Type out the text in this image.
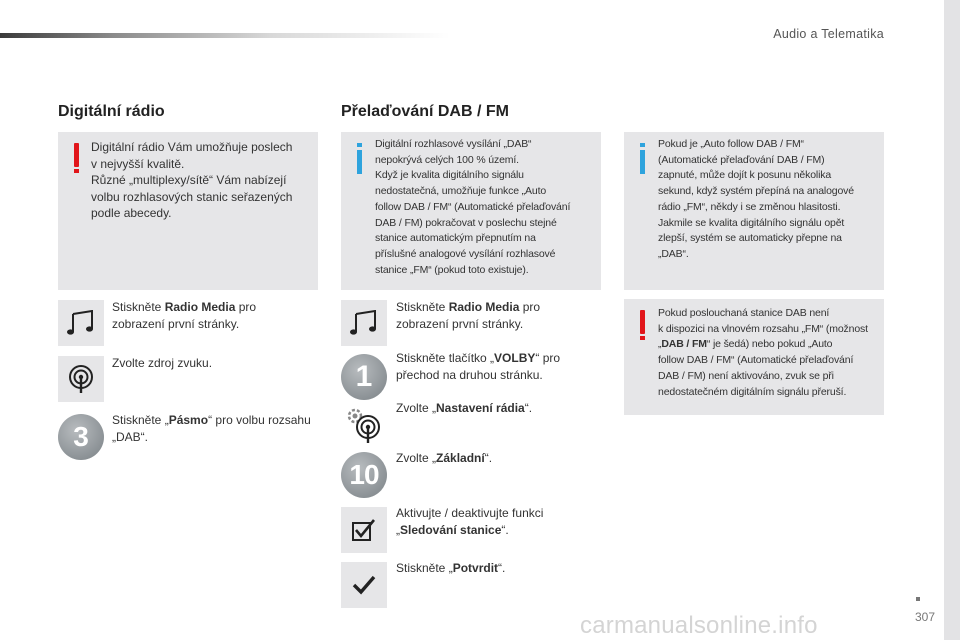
Audio a Telematika
Digitální rádio

Digitální rádio Vám umožňuje poslech
v nejvyšší kvalitě.
Různé „multiplexy/sítě“ Vám nabízejí
volbu rozhlasových stanic seřazených
podle abecedy.

Stiskněte Radio Media pro
zobrazení první stránky.
Zvolte zdroj zvuku.
3
Stiskněte „Pásmo“ pro volbu rozsahu
„DAB“.
Přelaďování DAB / FM

Digitální rozhlasové vysílání „DAB“
nepokrývá celých 100 % území.
Když je kvalita digitálního signálu
nedostatečná, umožňuje funkce „Auto
follow DAB / FM“ (Automatické přelaďování
DAB / FM) pokračovat v poslechu stejné
stanice automatickým přepnutím na
příslušné analogové vysílání rozhlasové
stanice „FM“ (pokud toto existuje).

Stiskněte Radio Media pro
zobrazení první stránky.
1
Stiskněte tlačítko „VOLBY“ pro
přechod na druhou stránku.
Zvolte „Nastavení rádia“.
10
Zvolte „Základní“.
Aktivujte / deaktivujte funkci
„Sledování stanice“.
Stiskněte „Potvrdit“.

Pokud je „Auto follow DAB / FM“
(Automatické přelaďování DAB / FM)
zapnuté, může dojít k posunu několika
sekund, když systém přepíná na analogové
rádio „FM“, někdy i se změnou hlasitosti.
Jakmile se kvalita digitálního signálu opět
zlepší, systém se automaticky přepne na
„DAB“.

Pokud poslouchaná stanice DAB není
k dispozici na vlnovém rozsahu „FM“ (možnost
„DAB / FM“ je šedá) nebo pokud „Auto
follow DAB / FM“ (Automatické přelaďování
DAB / FM) není aktivováno, zvuk se při
nedostatečném digitálním signálu přeruší.

307
carmanualsonline.info
